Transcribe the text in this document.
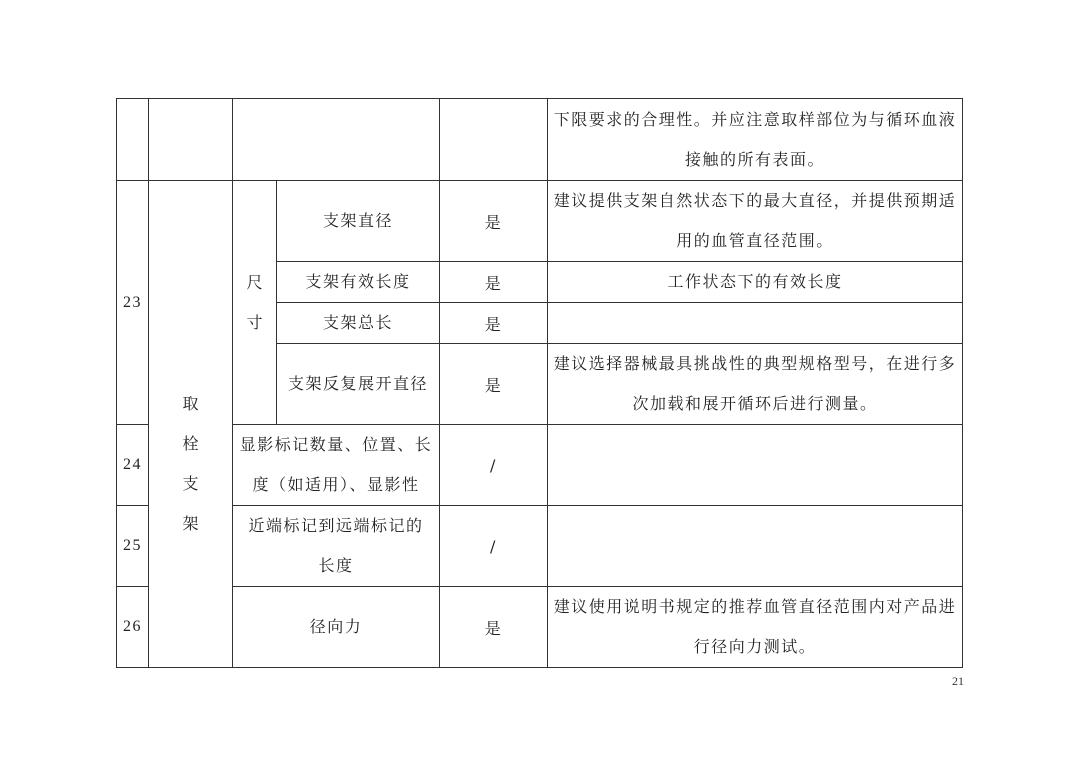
					下限要求的合理性。并应注意取样部位为与循环血液接触的所有表面。
23	取栓支架	尺寸	支架直径	是	建议提供支架自然状态下的最大直径，并提供预期适用的血管直径范围。
			支架有效长度	是	工作状态下的有效长度
			支架总长	是	
			支架反复展开直径	是	建议选择器械最具挑战性的典型规格型号，在进行多次加载和展开循环后进行测量。
24		显影标记数量、位置、长度（如适用）、显影性		/	
25		近端标记到远端标记的长度		/	
26		径向力		是	建议使用说明书规定的推荐血管直径范围内对产品进行径向力测试。
21
